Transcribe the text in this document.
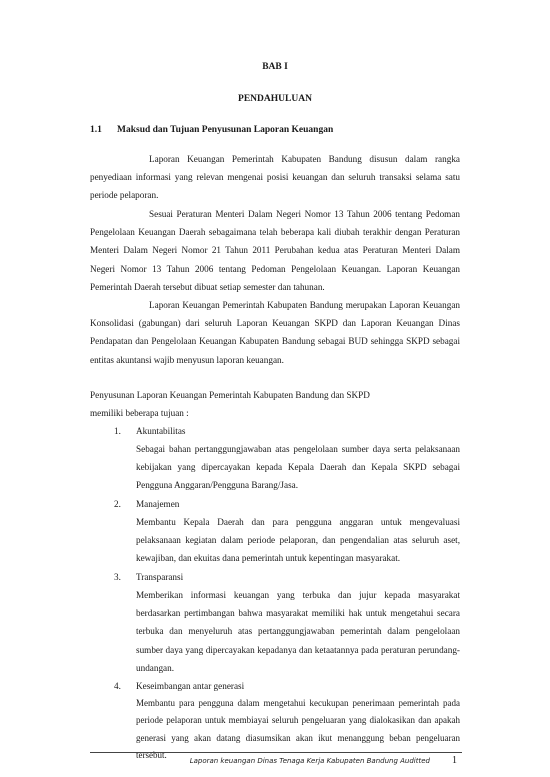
BAB I
PENDAHULUAN
1.1 Maksud dan Tujuan Penyusunan Laporan Keuangan
Laporan Keuangan Pemerintah Kabupaten Bandung disusun dalam rangka penyediaan informasi yang relevan mengenai posisi keuangan dan seluruh transaksi selama satu periode pelaporan.
Sesuai Peraturan Menteri Dalam Negeri Nomor 13 Tahun 2006 tentang Pedoman Pengelolaan Keuangan Daerah sebagaimana telah beberapa kali diubah terakhir dengan Peraturan Menteri Dalam Negeri Nomor 21 Tahun 2011 Perubahan kedua atas Peraturan Menteri Dalam Negeri Nomor 13 Tahun 2006 tentang Pedoman Pengelolaan Keuangan. Laporan Keuangan Pemerintah Daerah tersebut dibuat setiap semester dan tahunan.
Laporan Keuangan Pemerintah Kabupaten Bandung merupakan Laporan Keuangan Konsolidasi (gabungan) dari seluruh Laporan Keuangan SKPD dan Laporan Keuangan Dinas Pendapatan dan Pengelolaan Keuangan Kabupaten Bandung sebagai BUD sehingga SKPD sebagai entitas akuntansi wajib menyusun laporan keuangan.
Penyusunan Laporan Keuangan Pemerintah Kabupaten Bandung dan SKPD
memiliki beberapa tujuan :
1. Akuntabilitas
Sebagai bahan pertanggungjawaban atas pengelolaan sumber daya serta pelaksanaan kebijakan yang dipercayakan kepada Kepala Daerah dan Kepala SKPD sebagai Pengguna Anggaran/Pengguna Barang/Jasa.
2. Manajemen
Membantu Kepala Daerah dan para pengguna anggaran untuk mengevaluasi pelaksanaan kegiatan dalam periode pelaporan, dan pengendalian atas seluruh aset, kewajiban, dan ekuitas dana pemerintah untuk kepentingan masyarakat.
3. Transparansi
Memberikan informasi keuangan yang terbuka dan jujur kepada masyarakat berdasarkan pertimbangan bahwa masyarakat memiliki hak untuk mengetahui secara terbuka dan menyeluruh atas pertanggungjawaban pemerintah dalam pengelolaan sumber daya yang dipercayakan kepadanya dan ketaatannya pada peraturan perundang-undangan.
4. Keseimbangan antar generasi
Membantu para pengguna dalam mengetahui kecukupan penerimaan pemerintah pada periode pelaporan untuk membiayai seluruh pengeluaran yang dialokasikan dan apakah generasi yang akan datang diasumsikan akan ikut menanggung beban pengeluaran tersebut.
Laporan keuangan Dinas Tenaga Kerja Kabupaten Bandung Auditted 1
